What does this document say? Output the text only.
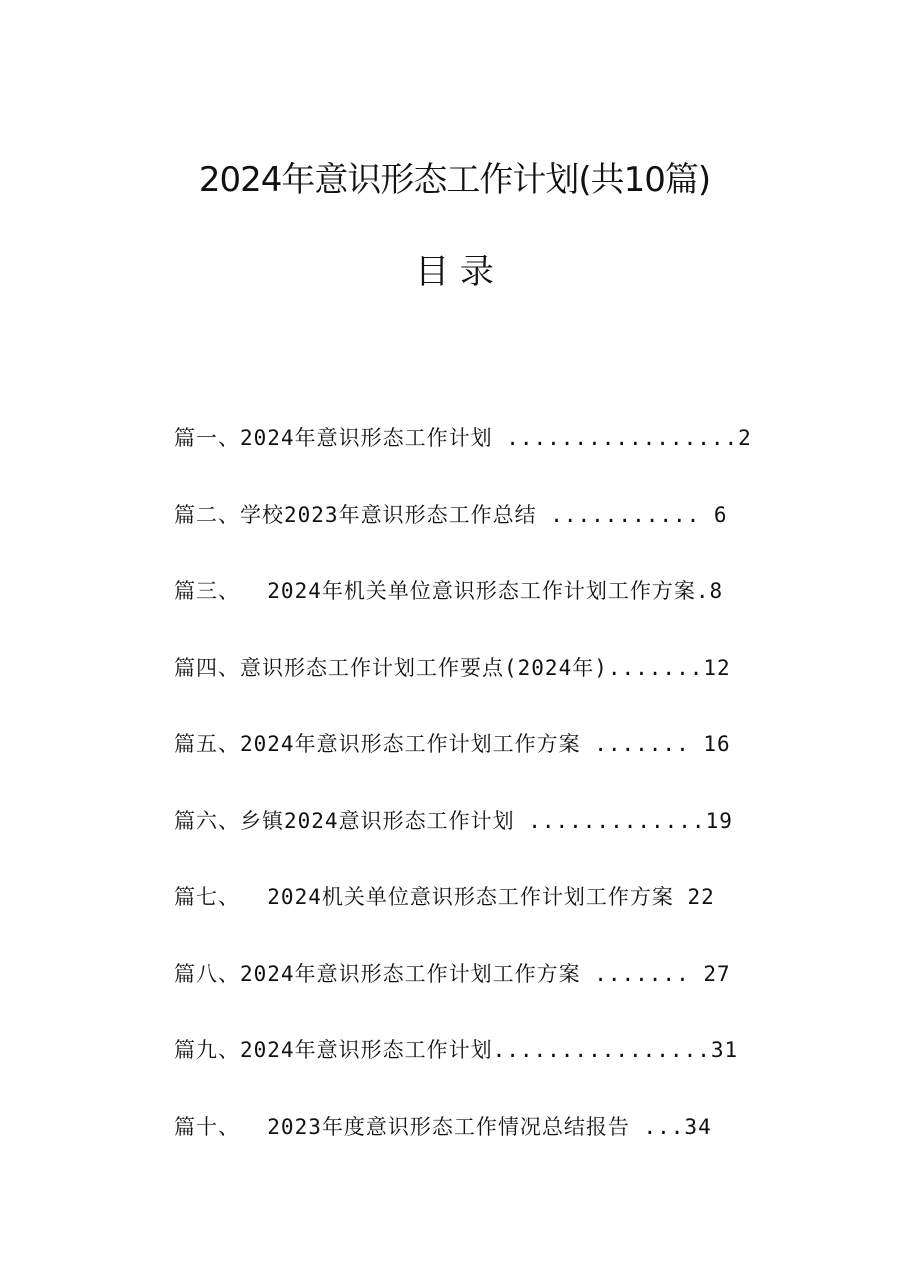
2024年意识形态工作计划(共10篇)
目 录
篇一、2024年意识形态工作计划 .................2
篇二、学校2023年意识形态工作总结 ........... 6
篇三、  2024年机关单位意识形态工作计划工作方案.8
篇四、意识形态工作计划工作要点(2024年).......12
篇五、2024年意识形态工作计划工作方案 ....... 16
篇六、乡镇2024意识形态工作计划 .............19
篇七、  2024机关单位意识形态工作计划工作方案 22
篇八、2024年意识形态工作计划工作方案 ....... 27
篇九、2024年意识形态工作计划................31
篇十、  2023年度意识形态工作情况总结报告 ...34
